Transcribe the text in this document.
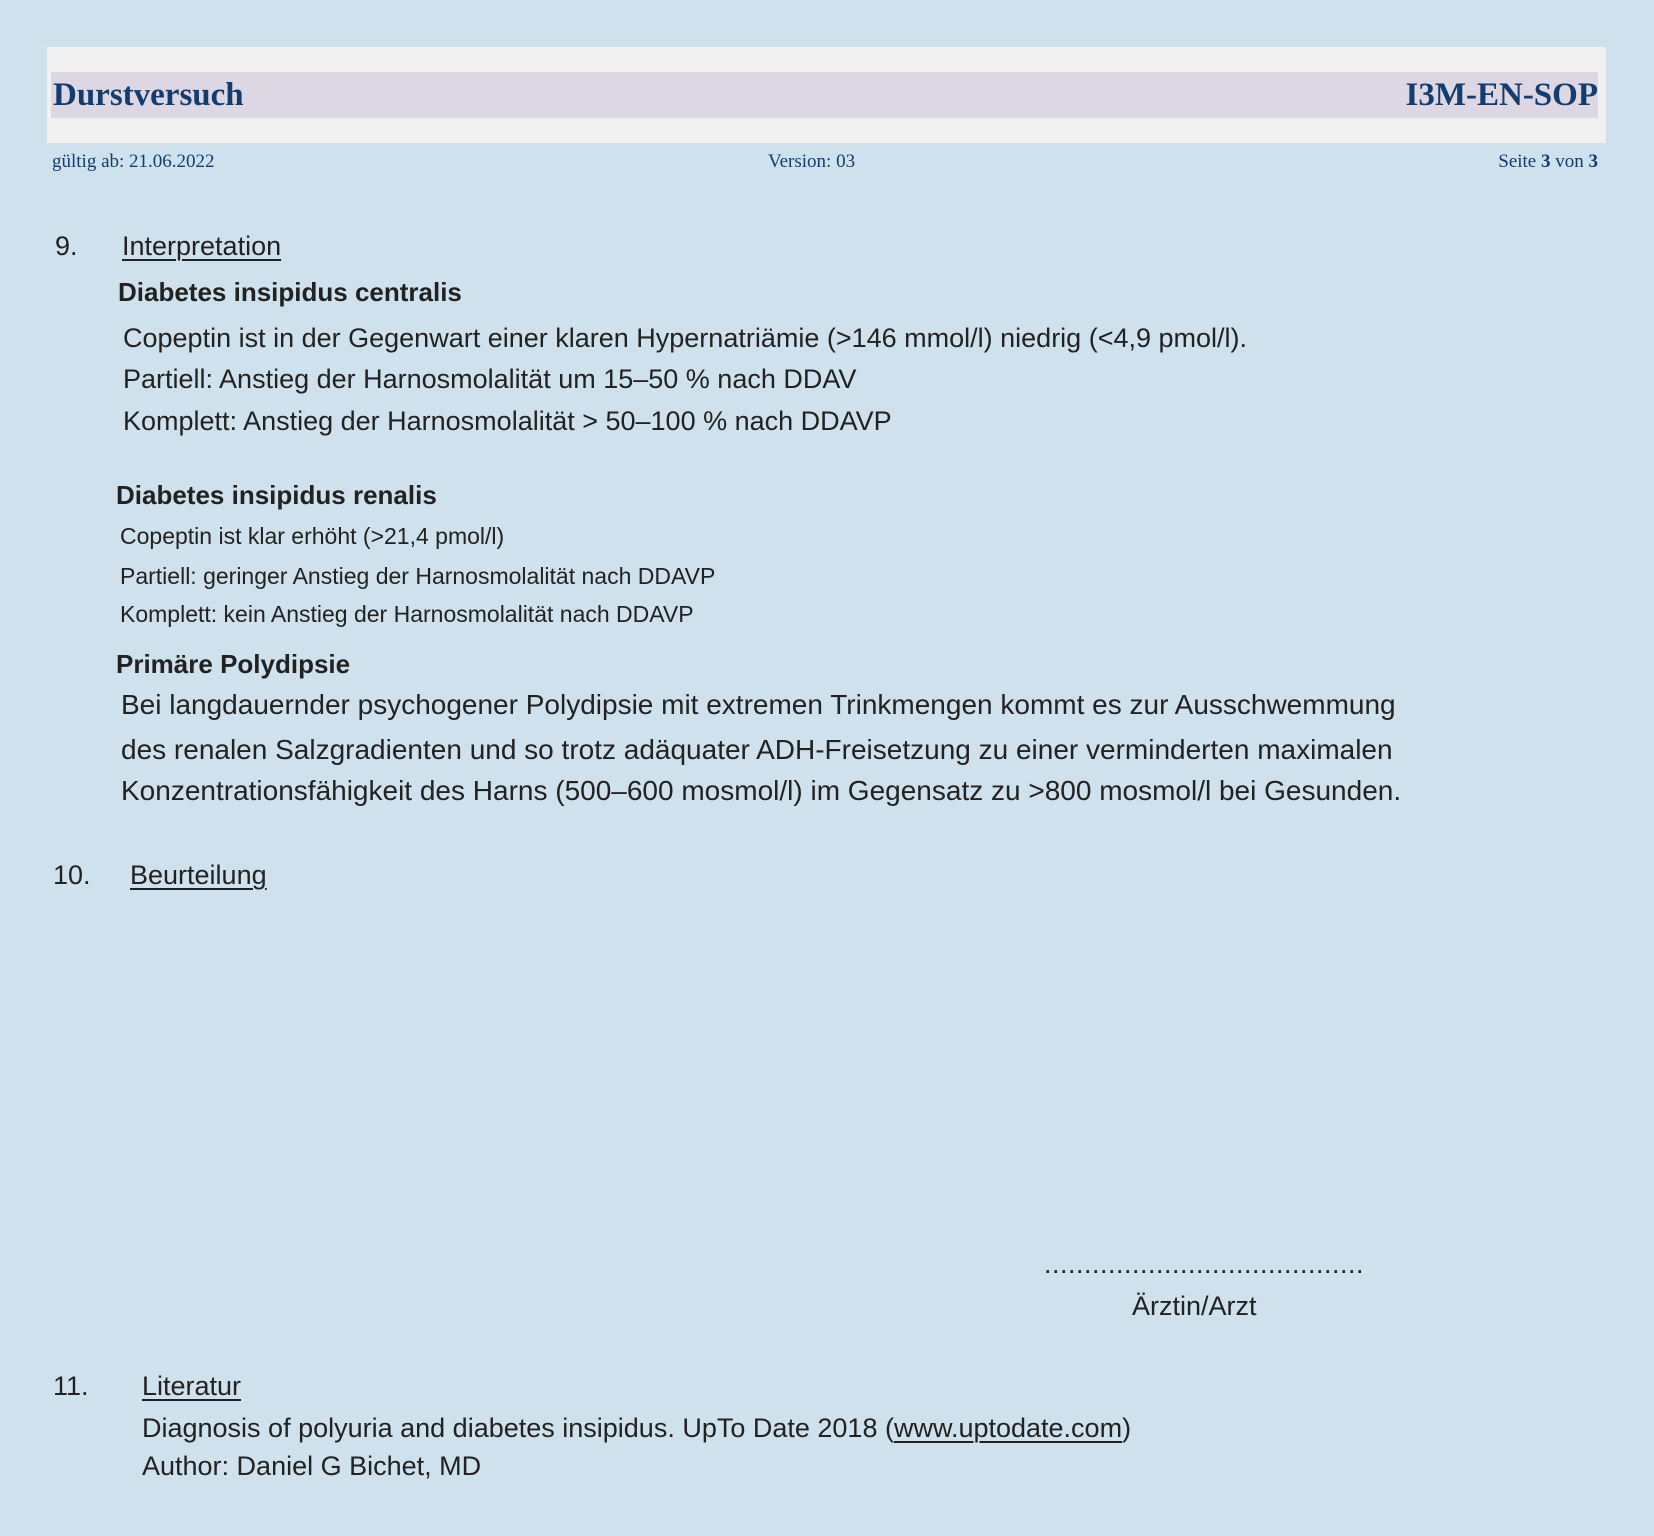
Durstversuch	I3M-EN-SOP
gültig ab: 21.06.2022	Version: 03	Seite 3 von 3
9. Interpretation
Diabetes insipidus centralis
Copeptin ist in der Gegenwart einer klaren Hypernatriämie (>146 mmol/l) niedrig (<4,9 pmol/l).
Partiell: Anstieg der Harnosmolalität um 15–50 % nach DDAV
Komplett: Anstieg der Harnosmolalität > 50–100 % nach DDAVP
Diabetes insipidus renalis
Copeptin ist klar erhöht (>21,4 pmol/l)
Partiell: geringer Anstieg der Harnosmolalität nach DDAVP
Komplett: kein Anstieg der Harnosmolalität nach DDAVP
Primäre Polydipsie
Bei langdauernder psychogener Polydipsie mit extremen Trinkmengen kommt es zur Ausschwemmung
des renalen Salzgradienten und so trotz adäquater ADH-Freisetzung zu einer verminderten maximalen
Konzentrationsfähigkeit des Harns (500–600 mosmol/l) im Gegensatz zu >800 mosmol/l bei Gesunden.
10. Beurteilung
........................................
Ärztin/Arzt
11. Literatur
Diagnosis of polyuria and diabetes insipidus. UpTo Date 2018 (www.uptodate.com)
Author: Daniel G Bichet, MD
